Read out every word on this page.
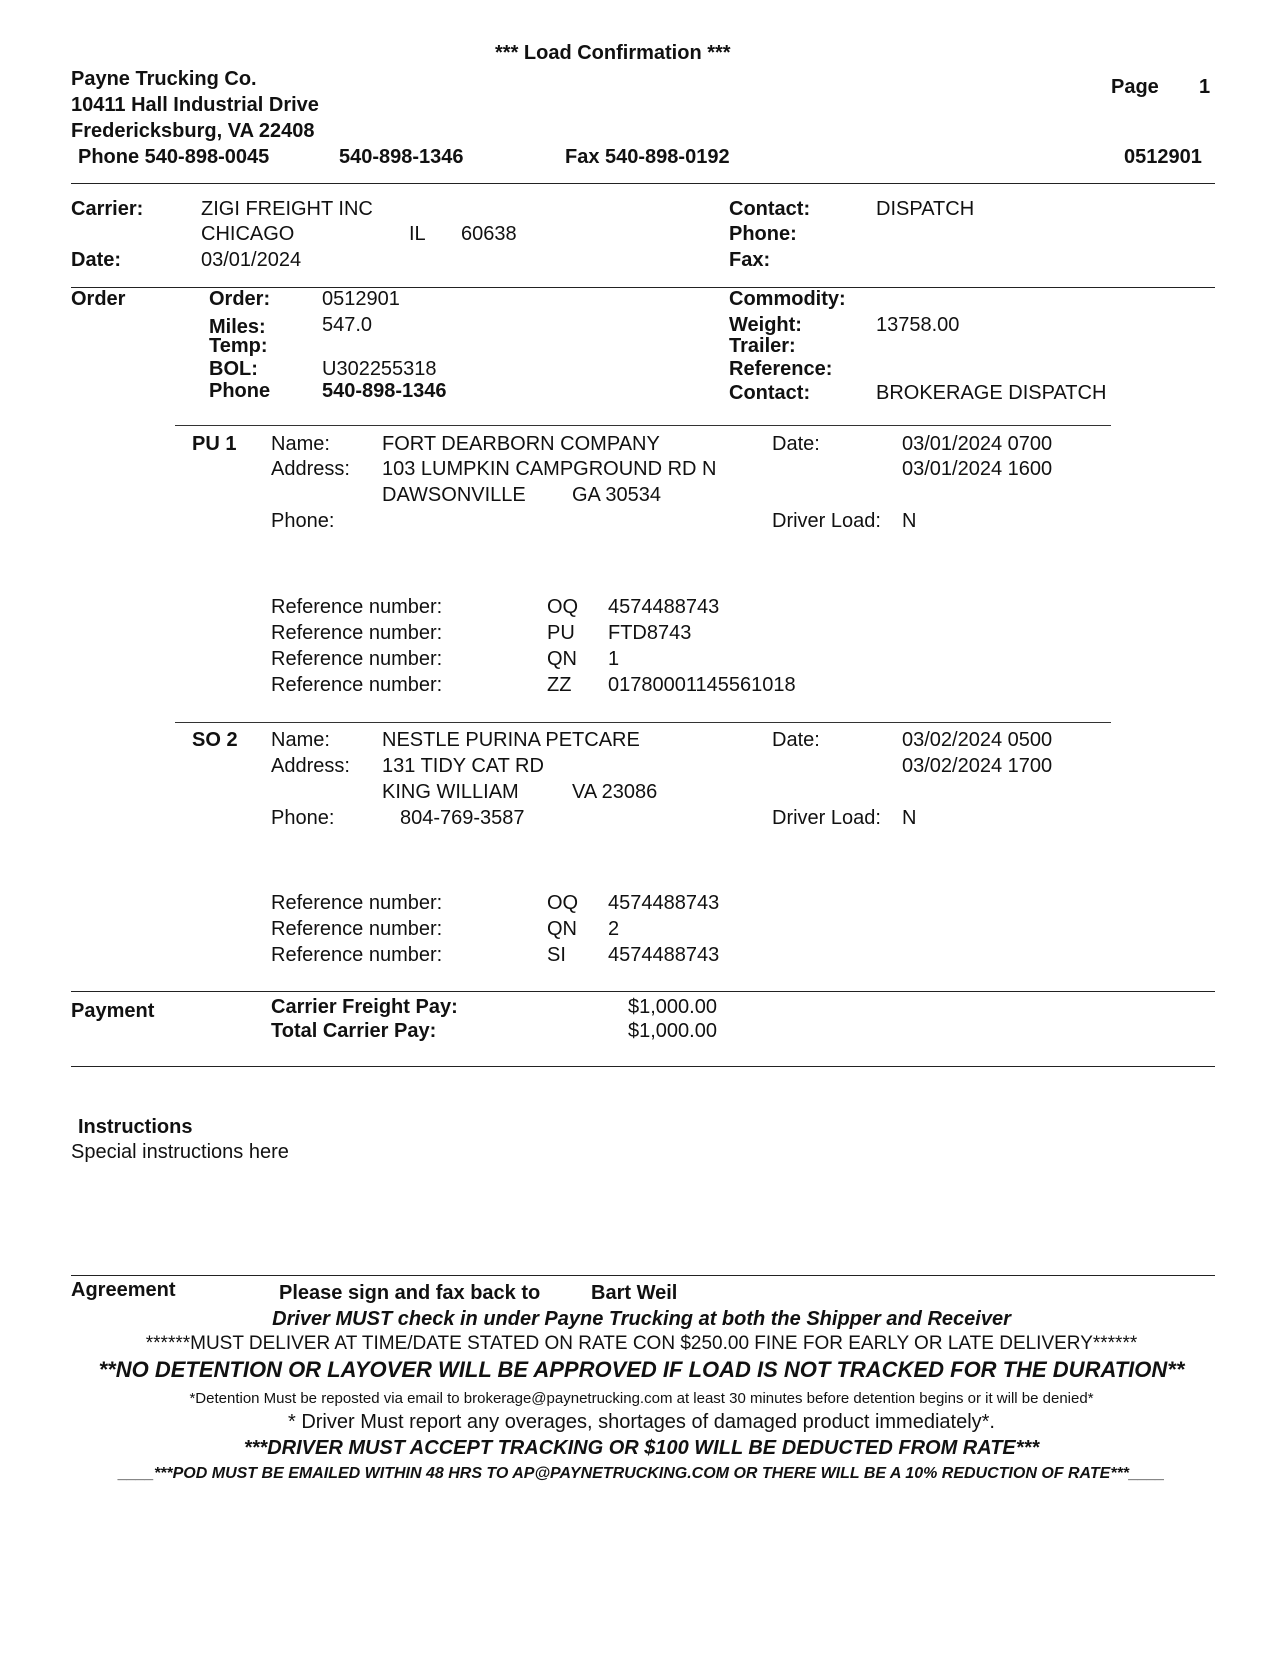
*** Load Confirmation ***
Payne Trucking Co.
10411 Hall Industrial Drive
Fredericksburg, VA 22408
Phone 540-898-0045	540-898-1346	Fax 540-898-0192
Page 1
0512901
Carrier:	ZIGI FREIGHT INC
CHICAGO	IL 60638
Date:	03/01/2024
Contact:	DISPATCH
Phone:
Fax:
Order	Order:	0512901
Miles:	547.0
Temp:
BOL:	U302255318
Phone	540-898-1346
Commodity:
Weight:	13758.00
Trailer:
Reference:
Contact:	BROKERAGE DISPATCH
PU 1 Name:	FORT DEARBORN COMPANY
Address: 103 LUMPKIN CAMPGROUND RD N
DAWSONVILLE GA 30534
Phone:
Date:	03/01/2024 0700
03/01/2024 1600
Driver Load: N
Reference number:	OQ 4574488743
Reference number:	PU FTD8743
Reference number:	QN 1
Reference number:	ZZ 01780001145561018
SO 2 Name:	NESTLE PURINA PETCARE
Address: 131 TIDY CAT RD
KING WILLIAM	VA 23086
Phone:	804-769-3587
Date:	03/02/2024 0500
03/02/2024 1700
Driver Load: N
Reference number:	OQ 4574488743
Reference number:	QN 2
Reference number:	SI 4574488743
Payment	Carrier Freight Pay:	$1,000.00
Total Carrier Pay:	$1,000.00
Instructions
Special instructions here
Agreement	Please sign and fax back to	Bart Weil
Driver MUST check in under Payne Trucking at both the Shipper and Receiver
******MUST DELIVER AT TIME/DATE STATED ON RATE CON $250.00 FINE FOR EARLY OR LATE DELIVERY******
**NO DETENTION OR LAYOVER WILL BE APPROVED IF LOAD IS NOT TRACKED FOR THE DURATION**
*Detention Must be reposted via email to brokerage@paynetrucking.com at least 30 minutes before detention begins or it will be denied*
* Driver Must report any overages, shortages of damaged product immediately*.
***DRIVER MUST ACCEPT TRACKING OR $100 WILL BE DEDUCTED FROM RATE***
____***POD MUST BE EMAILED WITHIN 48 HRS TO AP@PAYNETRUCKING.COM OR THERE WILL BE A 10% REDUCTION OF RATE***____
